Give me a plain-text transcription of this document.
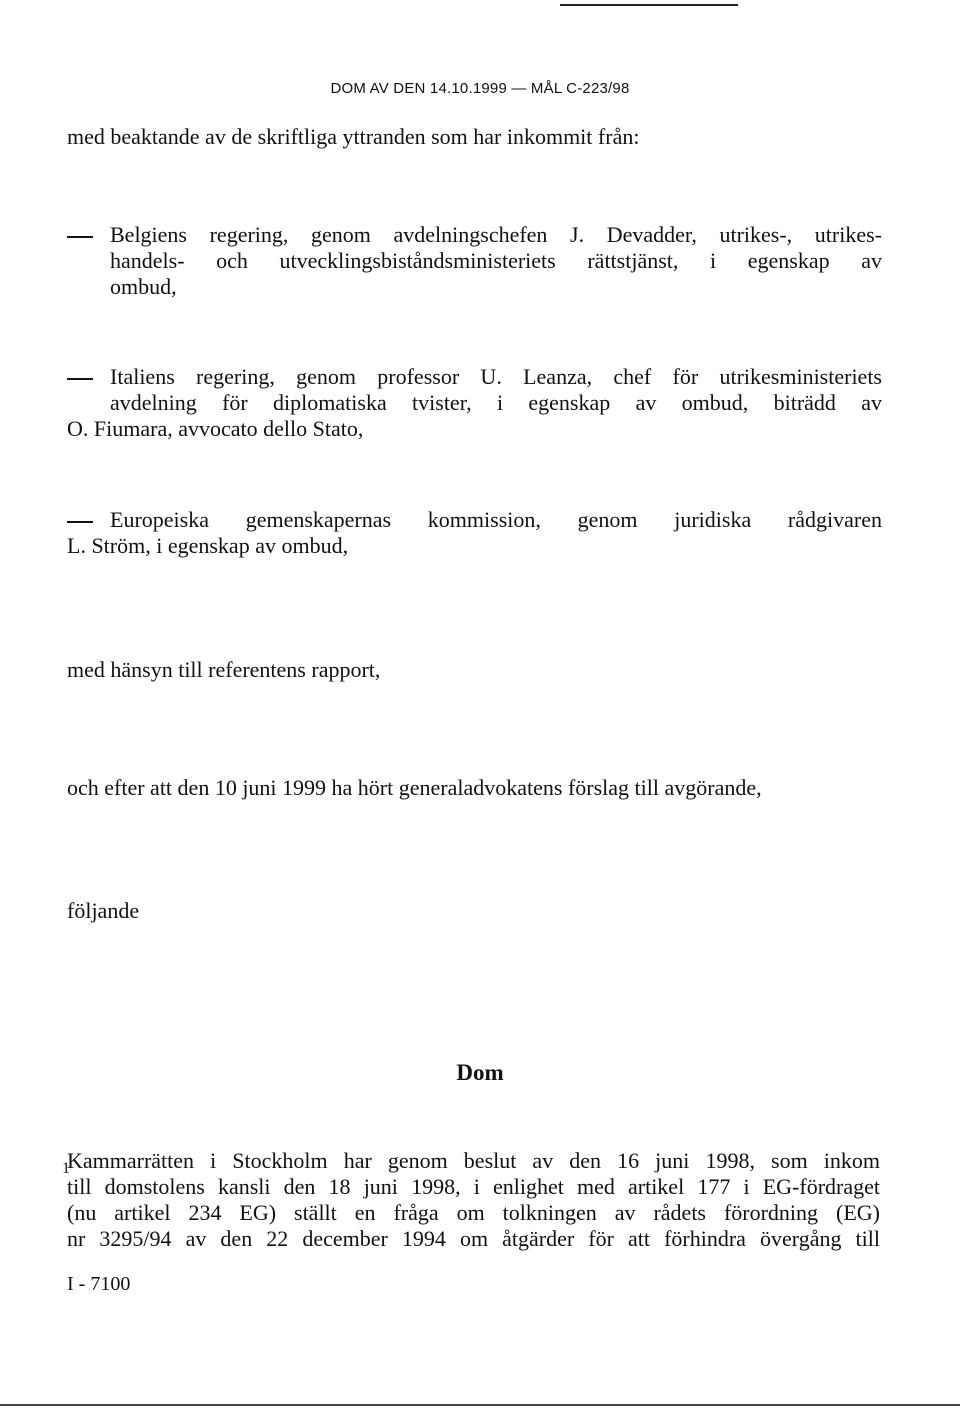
DOM AV DEN 14.10.1999 — MÅL C-223/98
med beaktande av de skriftliga yttranden som har inkommit från:
Belgiens regering, genom avdelningschefen J. Devadder, utrikes-, utrikes-
handels- och utvecklingsbiståndsministeriets rättstjänst, i egenskap av
ombud,
Italiens regering, genom professor U. Leanza, chef för utrikesministeriets
avdelning för diplomatiska tvister, i egenskap av ombud, biträdd av
O. Fiumara, avvocato dello Stato,
Europeiska gemenskapernas kommission, genom juridiska rådgivaren
L. Ström, i egenskap av ombud,
med hänsyn till referentens rapport,
och efter att den 10 juni 1999 ha hört generaladvokatens förslag till avgörande,
följande
Dom
1
Kammarrätten i Stockholm har genom beslut av den 16 juni 1998, som inkom
till domstolens kansli den 18 juni 1998, i enlighet med artikel 177 i EG-fördraget
(nu artikel 234 EG) ställt en fråga om tolkningen av rådets förordning (EG)
nr 3295/94 av den 22 december 1994 om åtgärder för att förhindra övergång till
I - 7100
